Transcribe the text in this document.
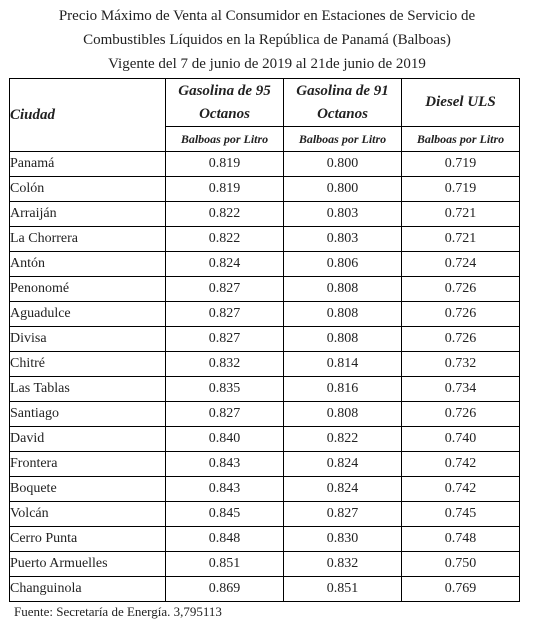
Precio Máximo de Venta al Consumidor en Estaciones de Servicio de
Combustibles Líquidos en la República de Panamá (Balboas)
Vigente del 7 de junio de 2019 al 21de junio de 2019
Ciudad	Gasolina de 95 Octanos	Gasolina de 91 Octanos	Diesel ULS
	Balboas por Litro	Balboas por Litro	Balboas por Litro
Panamá	0.819	0.800	0.719
Colón	0.819	0.800	0.719
Arraiján	0.822	0.803	0.721
La Chorrera	0.822	0.803	0.721
Antón	0.824	0.806	0.724
Penonomé	0.827	0.808	0.726
Aguadulce	0.827	0.808	0.726
Divisa	0.827	0.808	0.726
Chitré	0.832	0.814	0.732
Las Tablas	0.835	0.816	0.734
Santiago	0.827	0.808	0.726
David	0.840	0.822	0.740
Frontera	0.843	0.824	0.742
Boquete	0.843	0.824	0.742
Volcán	0.845	0.827	0.745
Cerro Punta	0.848	0.830	0.748
Puerto Armuelles	0.851	0.832	0.750
Changuinola	0.869	0.851	0.769
Fuente: Secretaría de Energía. 3,795113
